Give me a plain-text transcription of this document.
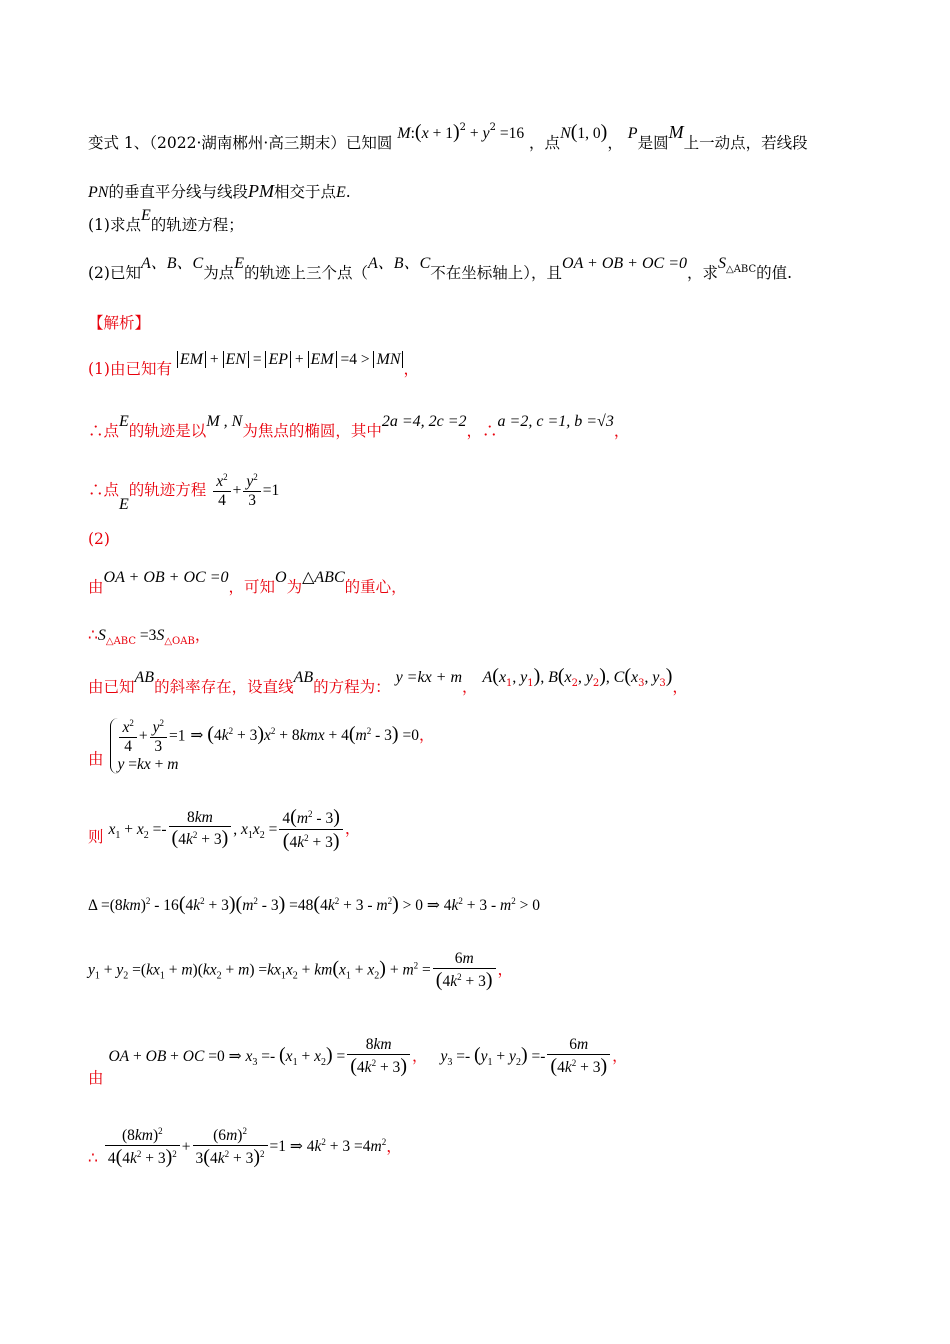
变式 1、（2022·湖南郴州·高三期末）已知圆 M:(x + $1)^2 + y^2 =16$ ，点N(1, 0)， P是圆M上一动点，若线段
PN的垂直平分线与线段PM相交于点E.
(1)求点E的轨迹方程；
(2)已知A、B、C为点E的轨迹上三个点（A、B、C不在坐标轴上），且OA + OB + OC =0，求$S^{\triangle ABC}$的值.
【解析】
(1)由已知有 EM + EN = EP + EM =4 > MN，
∴点E的轨迹是以M , N为焦点的椭圆，其中2a =4, 2c =2，∴a =2, c =1, b =√3，
∴点E的轨迹方程 $\frac{x^2}{4} + \frac{y^2}{3} =1$
(2)
由OA + OB + OC =0，可知O为△ABC的重心，
$\therefore S_{\triangle ABC} =3S_{\triangle OAB}$，
由已知AB的斜率存在，设直线AB的方程为： y =kx + m， $A(x_1$, $y_1$), $B(x_2$, $y_2$), $C(x_3$, $y_3$)，
由
$\frac{x^2}{4} + \frac{y^2}{3} =1$
y =kx + m
⇒ $(4k^2 + 3)x^2 + 8kmx + 4(m^2 - 3) =0$，
则 $x_1 + x_2 =- \frac{8km}{(4k^2 + 3)}$ , $x_1x_2 = \frac{4(m^2 - 3)}{(4k^2 + 3)}$ ，
$\Delta =(8km)^2 - 16(4k^2 + 3)(m^2 - 3) =48(4k^2 + 3 - m^2) > 0$ ⇒ $4k^2 + 3 - m^2 > 0$
$y_1 + y_2 =(kx_1 + m)(kx_2 + m) =kx_1x_2 + km(x_1 + x_2) + m^2 = \frac{6m}{(4k^2 + 3)}$ ，
由 OA + OB + OC =0 ⇒ $x_3 =- (x_1 + x_2) = \frac{8km}{(4k^2 + 3)}$ ， $y_3 =- (y_1 + y_2) =- \frac{6m}{(4k^2 + 3)}$ ，
∴ $\frac{(8km)^2}{4(4k^2 + 3)^2} + \frac{(6m)^2}{3(4k^2 + 3)^2} =1$ ⇒ $4k^2 + 3 =4m^2$，
